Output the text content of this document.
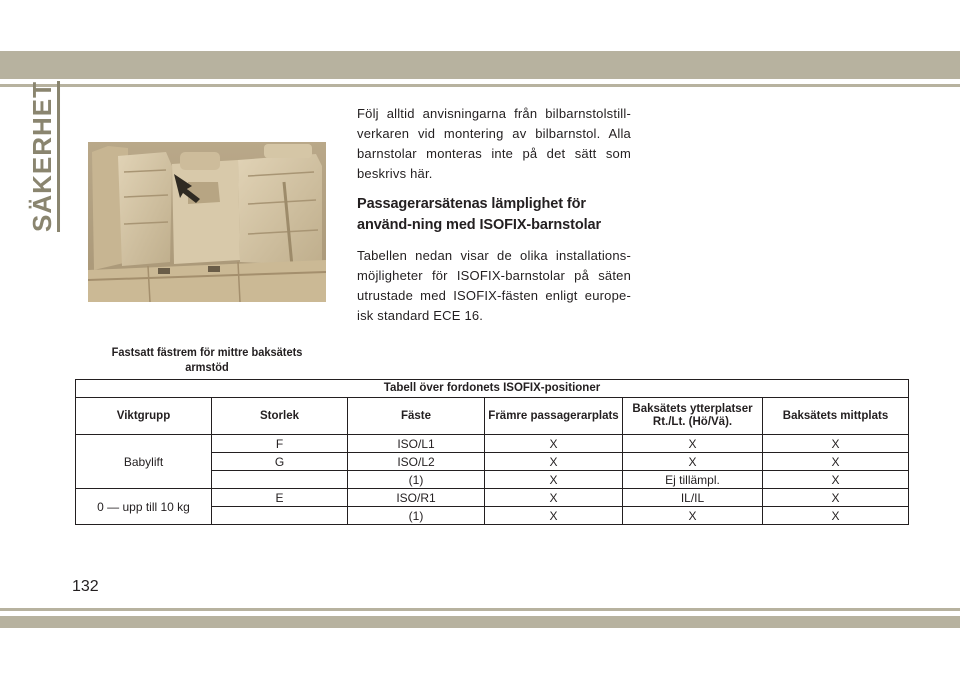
SÄKERHET
Fastsatt fästrem för mittre baksätets
armstöd

Följ alltid anvisningarna från bilbarnstolstill-verkaren vid montering av bilbarnstol. Alla barnstolar monteras inte på det sätt som beskrivs här.

Passagerarsätenas lämplighet för använd-ning med ISOFIX-barnstolar

Tabellen nedan visar de olika installations-möjligheter för ISOFIX-barnstolar på säten utrustade med ISOFIX-fästen enligt europe-isk standard ECE 16.

Tabell över fordonets ISOFIX-positioner					
Viktgrupp	Storlek	Fäste	Främre passagerarplats	Baksätets ytterplatser Rt./Lt. (Hö/Vä).	Baksätets mittplats
Babylift	F	ISO/L1	X	X	X
	G	ISO/L2	X	X	X
		(1)	X	Ej tillämpl.	X
0 — upp till 10 kg	E	ISO/R1	X	IL/IL	X
		(1)	X	X	X
132
